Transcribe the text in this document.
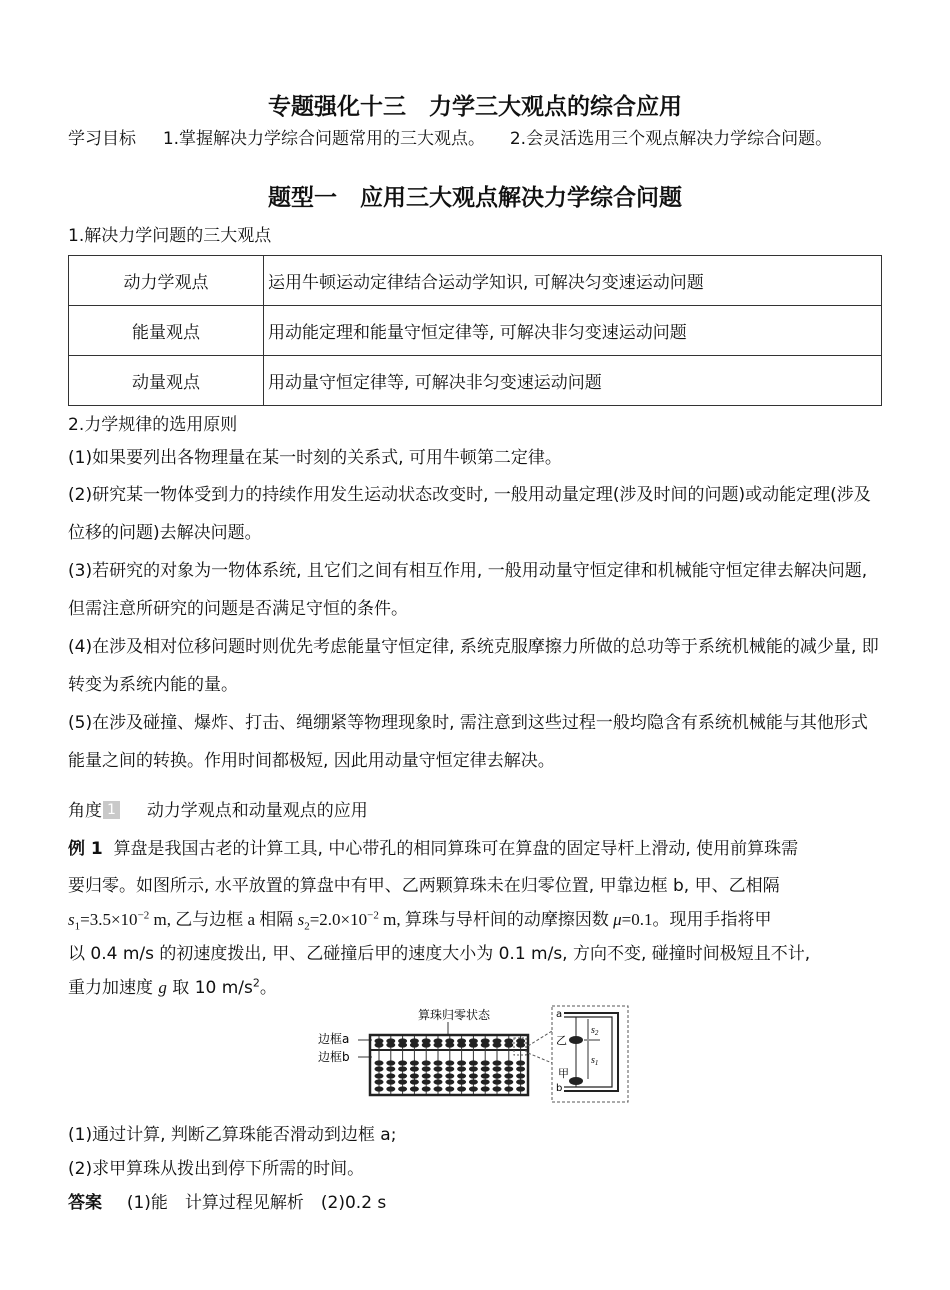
专题强化十三　力学三大观点的综合应用
学习目标 1.掌握解决力学综合问题常用的三大观点。 2.会灵活选用三个观点解决力学综合问题。
题型一　应用三大观点解决力学综合问题
1.解决力学问题的三大观点
动力学观点	运用牛顿运动定律结合运动学知识, 可解决匀变速运动问题
能量观点	用动能定理和能量守恒定律等, 可解决非匀变速运动问题
动量观点	用动量守恒定律等, 可解决非匀变速运动问题
2.力学规律的选用原则
(1)如果要列出各物理量在某一时刻的关系式, 可用牛顿第二定律。
(2)研究某一物体受到力的持续作用发生运动状态改变时, 一般用动量定理(涉及时间的问题)或动能定理(涉及位移的问题)去解决问题。
(3)若研究的对象为一物体系统, 且它们之间有相互作用, 一般用动量守恒定律和机械能守恒定律去解决问题, 但需注意所研究的问题是否满足守恒的条件。
(4)在涉及相对位移问题时则优先考虑能量守恒定律, 系统克服摩擦力所做的总功等于系统机械能的减少量, 即转变为系统内能的量。
(5)在涉及碰撞、爆炸、打击、绳绷紧等物理现象时, 需注意到这些过程一般均隐含有系统机械能与其他形式能量之间的转换。作用时间都极短, 因此用动量守恒定律去解决。
角度 1 动力学观点和动量观点的应用
例 1 算盘是我国古老的计算工具, 中心带孔的相同算珠可在算盘的固定导杆上滑动, 使用前算珠需
要归零。如图所示, 水平放置的算盘中有甲、乙两颗算珠未在归零位置, 甲靠边框 b, 甲、乙相隔
$s_1=3.5\times 10^{-2}$ m, 乙与边框 a 相隔 $s_2=2.0\times 10^{-2}$ m, 算珠与导杆间的动摩擦因数 μ=0.1。现用手指将甲
以 0.4 m/s 的初速度拨出, 甲、乙碰撞后甲的速度大小为 0.1 m/s, 方向不变, 碰撞时间极短且不计,
重力加速度 g 取 10 $m/s^2$。
算珠归零状态
边框a
边框b
a
b
乙
甲
$s_2$
$s_1$
(1)通过计算, 判断乙算珠能否滑动到边框 a;
(2)求甲算珠从拨出到停下所需的时间。
答案 (1)能　计算过程见解析　(2)0.2 s
